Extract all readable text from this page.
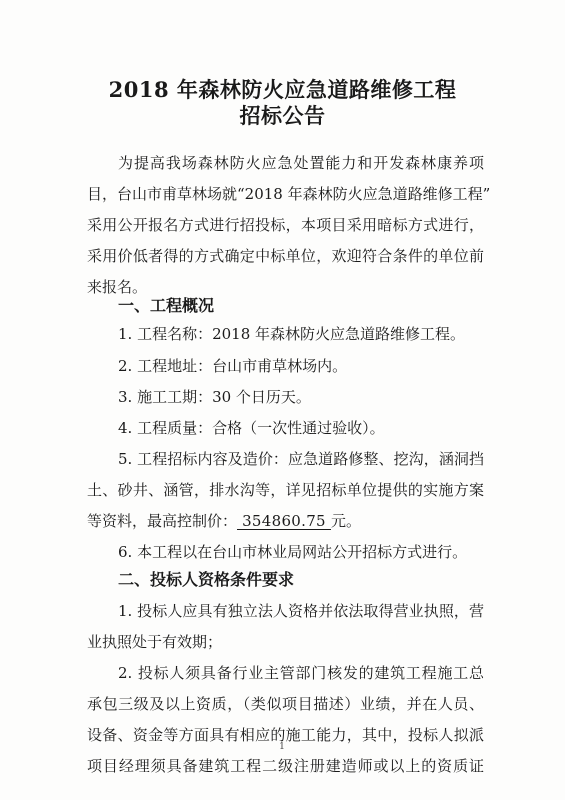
2018 年森林防火应急道路维修工程
招标公告
为提高我场森林防火应急处置能力和开发森林康养项
目，台山市甫草林场就“2018 年森林防火应急道路维修工程”
采用公开报名方式进行招投标，本项目采用暗标方式进行，
采用价低者得的方式确定中标单位，欢迎符合条件的单位前
来报名。
一、工程概况
1. 工程名称：2018 年森林防火应急道路维修工程。
2. 工程地址：台山市甫草林场内。
3. 施工工期：30 个日历天。
4. 工程质量：合格（一次性通过验收）。
5. 工程招标内容及造价：应急道路修整、挖沟，涵洞挡
土、砂井、涵管，排水沟等，详见招标单位提供的实施方案
等资料，最高控制价： 354860.75 元。
6. 本工程以在台山市林业局网站公开招标方式进行。
二、投标人资格条件要求
1. 投标人应具有独立法人资格并依法取得营业执照，营
业执照处于有效期；
2. 投标人须具备行业主管部门核发的建筑工程施工总
承包三级及以上资质，（类似项目描述）业绩，并在人员、
设备、资金等方面具有相应的施工能力，其中，投标人拟派
项目经理须具备建筑工程二级注册建造师或以上的资质证
1
